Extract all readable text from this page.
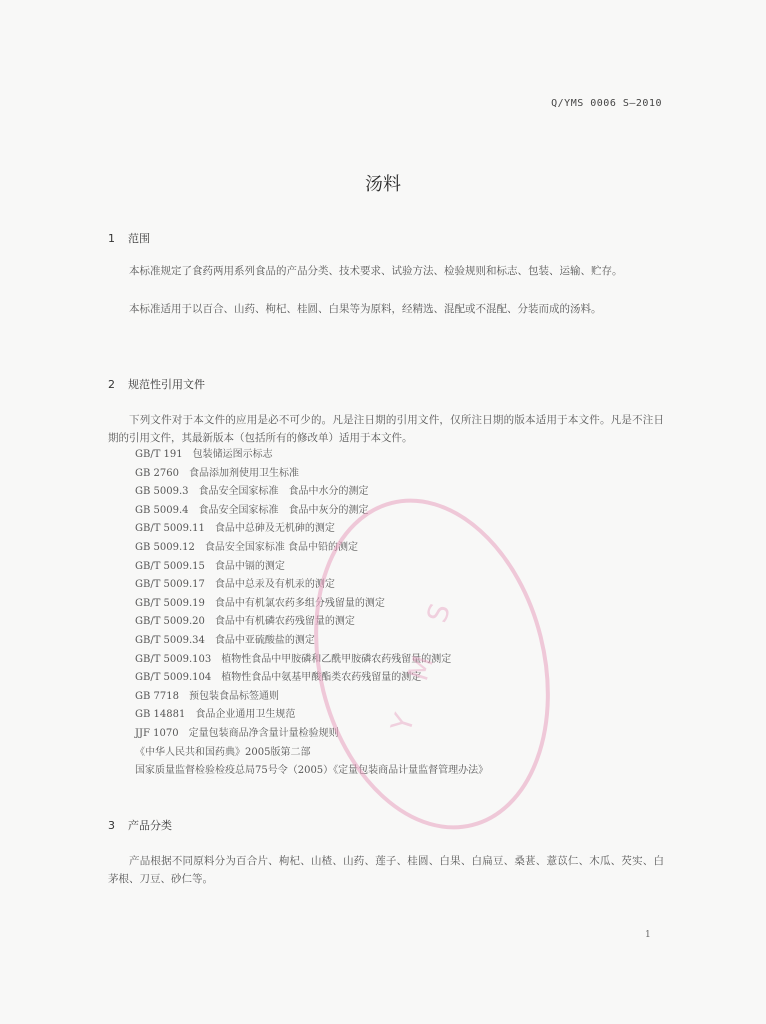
Q/YMS 0006 S—2010
汤料
1 范围
本标准规定了食药两用系列食品的产品分类、技术要求、试验方法、检验规则和标志、包装、运输、贮存。
本标准适用于以百合、山药、枸杞、桂圆、白果等为原料，经精选、混配或不混配、分装而成的汤料。
2 规范性引用文件
下列文件对于本文件的应用是必不可少的。凡是注日期的引用文件，仅所注日期的版本适用于本文件。凡是不注日期的引用文件，其最新版本（包括所有的修改单）适用于本文件。
GB/T 191　包装储运图示标志
GB 2760　食品添加剂使用卫生标准
GB 5009.3　食品安全国家标准　食品中水分的测定
GB 5009.4　食品安全国家标准　食品中灰分的测定
GB/T 5009.11　食品中总砷及无机砷的测定
GB 5009.12　食品安全国家标准 食品中铅的测定
GB/T 5009.15　食品中镉的测定
GB/T 5009.17　食品中总汞及有机汞的测定
GB/T 5009.19　食品中有机氯农药多组分残留量的测定
GB/T 5009.20　食品中有机磷农药残留量的测定
GB/T 5009.34　食品中亚硫酸盐的测定
GB/T 5009.103　植物性食品中甲胺磷和乙酰甲胺磷农药残留量的测定
GB/T 5009.104　植物性食品中氨基甲酸酯类农药残留量的测定
GB 7718　预包装食品标签通则
GB 14881　食品企业通用卫生规范
JJF 1070　定量包装商品净含量计量检验规则
《中华人民共和国药典》2005版第二部
国家质量监督检验检疫总局75号令（2005）《定量包装商品计量监督管理办法》
Y M S
3 产品分类
产品根据不同原料分为百合片、枸杞、山楂、山药、莲子、桂圆、白果、白扁豆、桑葚、薏苡仁、木瓜、芡实、白茅根、刀豆、砂仁等。
1
